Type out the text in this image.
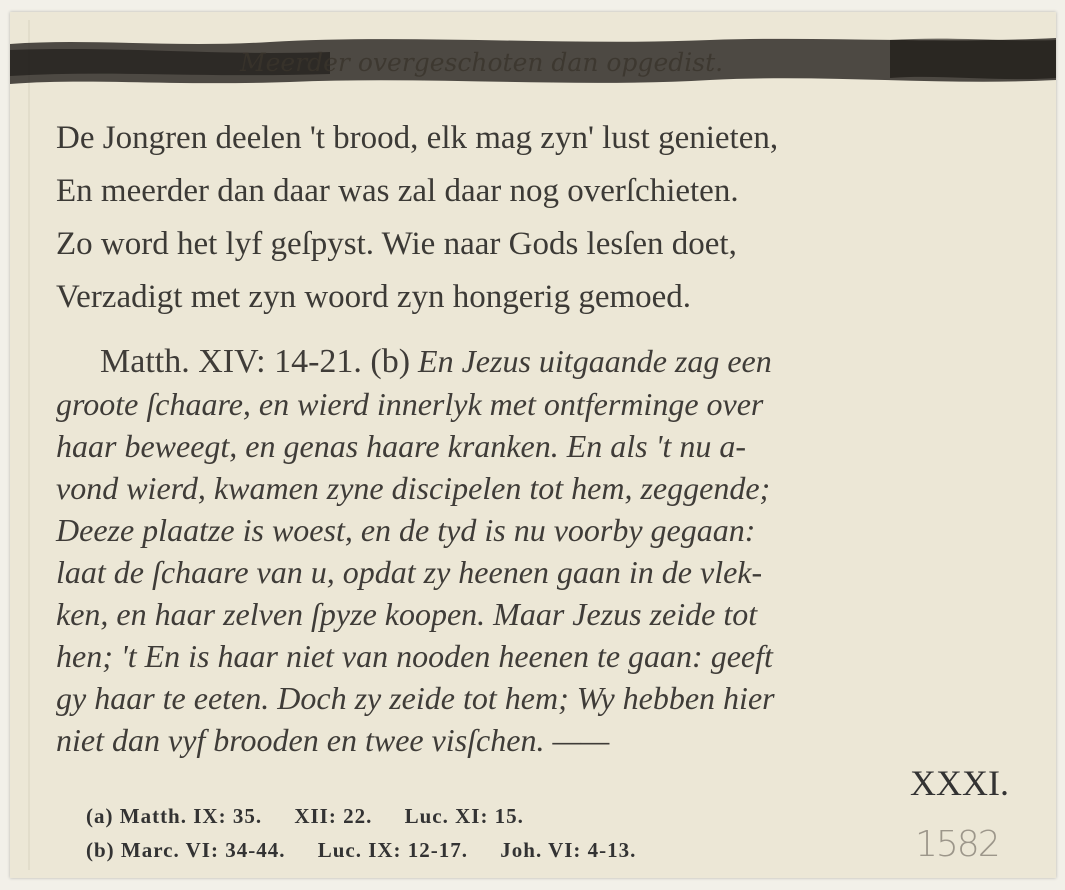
Meerder overgeschoten dan opgedist.
De Jongren deelen 't brood, elk mag zyn' lust genieten,
En meerder dan daar was zal daar nog overſchieten.
Zo word het lyf geſpyst. Wie naar Gods lesſen doet,
Verzadigt met zyn woord zyn hongerig gemoed.
Matth. XIV: 14-21. (b) En Jezus uitgaande zag een
groote ſchaare, en wierd innerlyk met ontferminge over
haar beweegt, en genas haare kranken. En als 't nu a-
vond wierd, kwamen zyne discipelen tot hem, zeggende;
Deeze plaatze is woest, en de tyd is nu voorby gegaan:
laat de ſchaare van u, opdat zy heenen gaan in de vlek-
ken, en haar zelven ſpyze koopen. Maar Jezus zeide tot
hen; 't En is haar niet van nooden heenen te gaan: geeft
gy haar te eeten. Doch zy zeide tot hem; Wy hebben hier
niet dan vyf brooden en twee visſchen. ——
XXXI.
(a) Matth. IX: 35. XII: 22. Luc. XI: 15.
(b) Marc. VI: 34-44. Luc. IX: 12-17. Joh. VI: 4-13.	1582
